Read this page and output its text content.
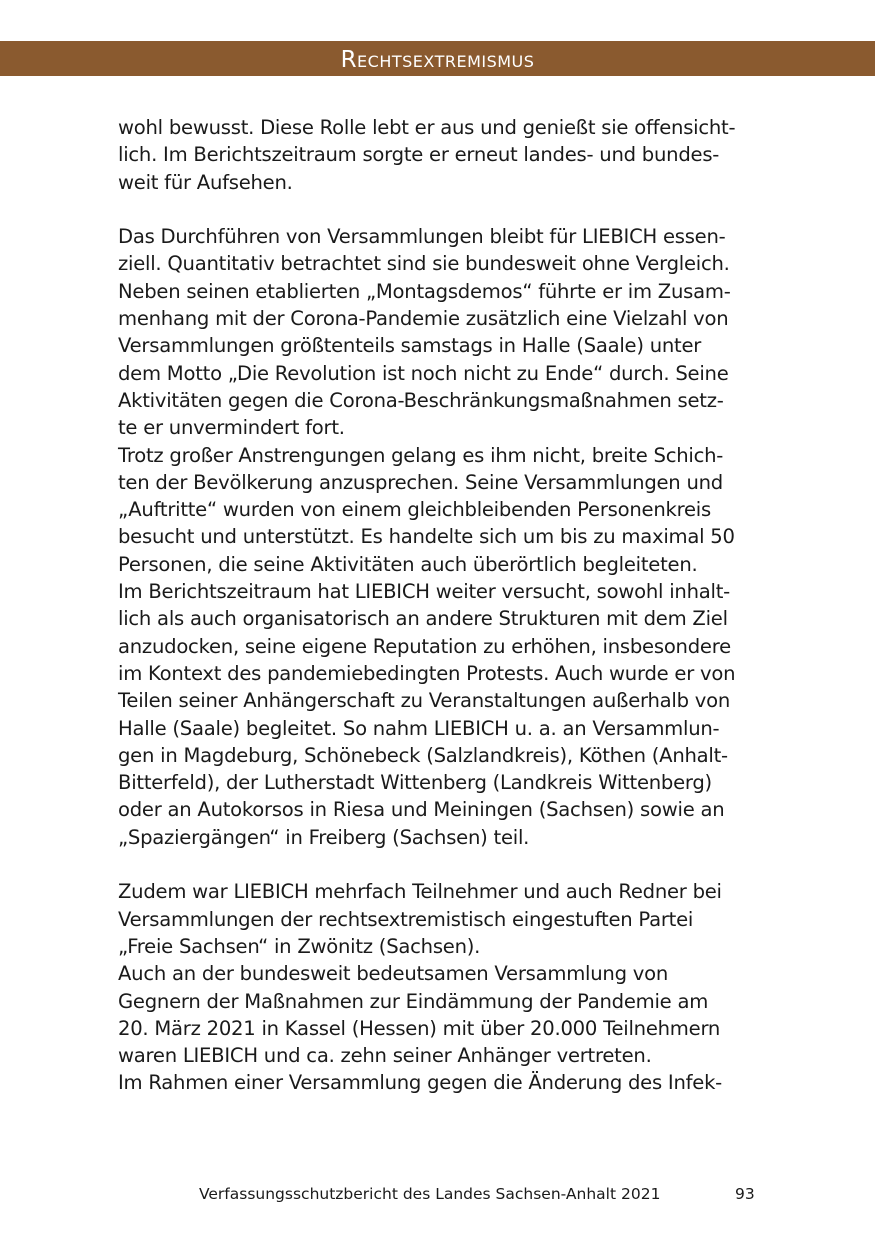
Rechtsextremismus

wohl bewusst. Diese Rolle lebt er aus und genießt sie offensicht-
lich. Im Berichtszeitraum sorgte er erneut landes- und bundes-
weit für Aufsehen.

Das Durchführen von Versammlungen bleibt für LIEBICH essen-
ziell. Quantitativ betrachtet sind sie bundesweit ohne Vergleich.
Neben seinen etablierten „Montagsdemos“ führte er im Zusam-
menhang mit der Corona-Pandemie zusätzlich eine Vielzahl von
Versammlungen größtenteils samstags in Halle (Saale) unter
dem Motto „Die Revolution ist noch nicht zu Ende“ durch. Seine
Aktivitäten gegen die Corona-Beschränkungsmaßnahmen setz-
te er unvermindert fort.

Trotz großer Anstrengungen gelang es ihm nicht, breite Schich-
ten der Bevölkerung anzusprechen. Seine Versammlungen und
„Auftritte“ wurden von einem gleichbleibenden Personenkreis
besucht und unterstützt. Es handelte sich um bis zu maximal 50
Personen, die seine Aktivitäten auch überörtlich begleiteten.

Im Berichtszeitraum hat LIEBICH weiter versucht, sowohl inhalt-
lich als auch organisatorisch an andere Strukturen mit dem Ziel
anzudocken, seine eigene Reputation zu erhöhen, insbesondere
im Kontext des pandemiebedingten Protests. Auch wurde er von
Teilen seiner Anhängerschaft zu Veranstaltungen außerhalb von
Halle (Saale) begleitet. So nahm LIEBICH u. a. an Versammlun-
gen in Magdeburg, Schönebeck (Salzlandkreis), Köthen (Anhalt-
Bitterfeld), der Lutherstadt Wittenberg (Landkreis Wittenberg)
oder an Autokorsos in Riesa und Meiningen (Sachsen) sowie an
„Spaziergängen“ in Freiberg (Sachsen) teil.

Zudem war LIEBICH mehrfach Teilnehmer und auch Redner bei
Versammlungen der rechtsextremistisch eingestuften Partei
„Freie Sachsen“ in Zwönitz (Sachsen).

Auch an der bundesweit bedeutsamen Versammlung von
Gegnern der Maßnahmen zur Eindämmung der Pandemie am
20. März 2021 in Kassel (Hessen) mit über 20.000 Teilnehmern
waren LIEBICH und ca. zehn seiner Anhänger vertreten.

Im Rahmen einer Versammlung gegen die Änderung des Infek-

Verfassungsschutzbericht des Landes Sachsen-Anhalt 2021	93
